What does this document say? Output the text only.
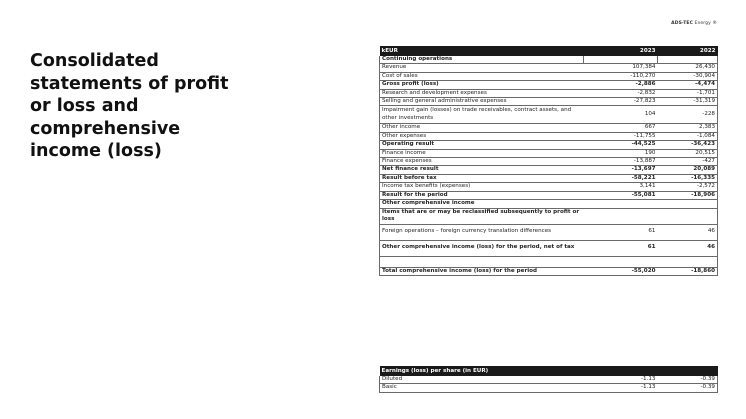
ADS-TEC Energy ®
Consolidated
statements of profit
or loss and
comprehensive
income (loss)
kEUR	2023	2022
Continuing operations		
Revenue	107,384	26,430
Cost of sales	-110,270	-30,904
Gross profit (loss)	-2,886	-4,474
Research and development expenses	-2,832	-1,701
Selling and general administrative expenses	-27,823	-31,319
Impairment gain (losses) on trade receivables, contract assets, and other investments	104	-228
Other income	667	2,383
Other expenses	-11,755	-1,084
Operating result	-44,525	-36,423
Finance income	190	20,515
Finance expenses	-13,887	-427
Net finance result	-13,697	20,089
Result before tax	-58,221	-16,335
Income tax benefits (expenses)	3,141	-2,572
Result for the period	-55,081	-18,906
Other comprehensive income		
Items that are or may be reclassified subsequently to profit or loss		
Foreign operations – foreign currency translation differences	61	46
Other comprehensive income (loss) for the period, net of tax	61	46

Total comprehensive income (loss) for the period	-55,020	-18,860
Earnings (loss) per share (in EUR)		
Diluted	-1.13	-0.39
Basic	-1.13	-0.39
